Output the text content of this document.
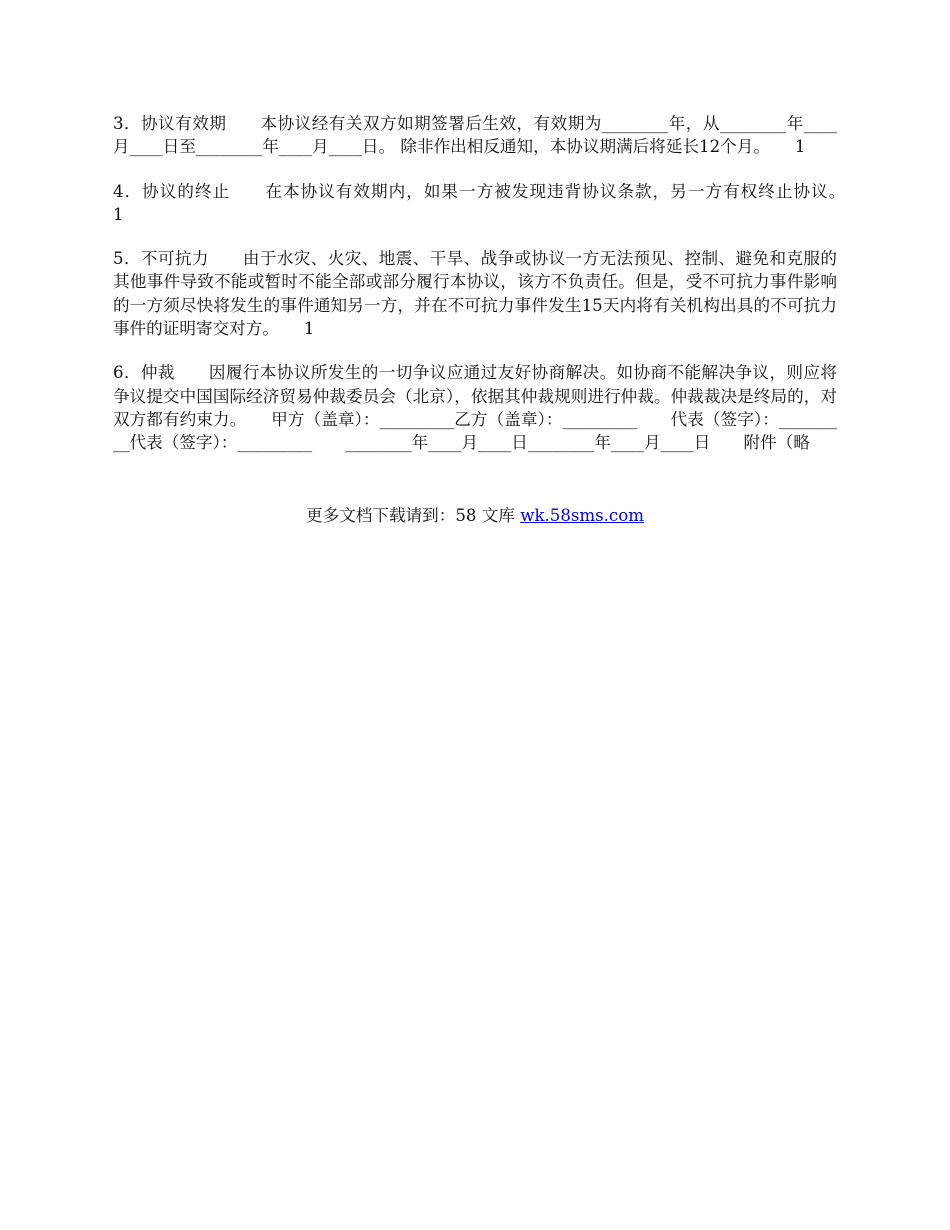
3．协议有效期　　本协议经有关双方如期签署后生效，有效期为________年，从________年____月____日至________年____月____日。 除非作出相反通知，本协议期满后将延长12个月。　　1

4．协议的终止　　在本协议有效期内，如果一方被发现违背协议条款，另一方有权终止协议。　　1

5．不可抗力　　由于水灾、火灾、地震、干旱、战争或协议一方无法预见、控制、避免和克服的其他事件导致不能或暂时不能全部或部分履行本协议，该方不负责任。但是，受不可抗力事件影响的一方须尽快将发生的事件通知另一方，并在不可抗力事件发生15天内将有关机构出具的不可抗力事件的证明寄交对方。　　1

6．仲裁　　因履行本协议所发生的一切争议应通过友好协商解决。如协商不能解决争议，则应将争议提交中国国际经济贸易仲裁委员会（北京），依据其仲裁规则进行仲裁。仲裁裁决是终局的，对双方都有约束力。　　甲方（盖章）：_________乙方（盖章）：_________　　代表（签字）：_________代表（签字）：_________　　________年____月____日________年____月____日　　附件（略

更多文档下载请到：58 文库 wk.58sms.com
